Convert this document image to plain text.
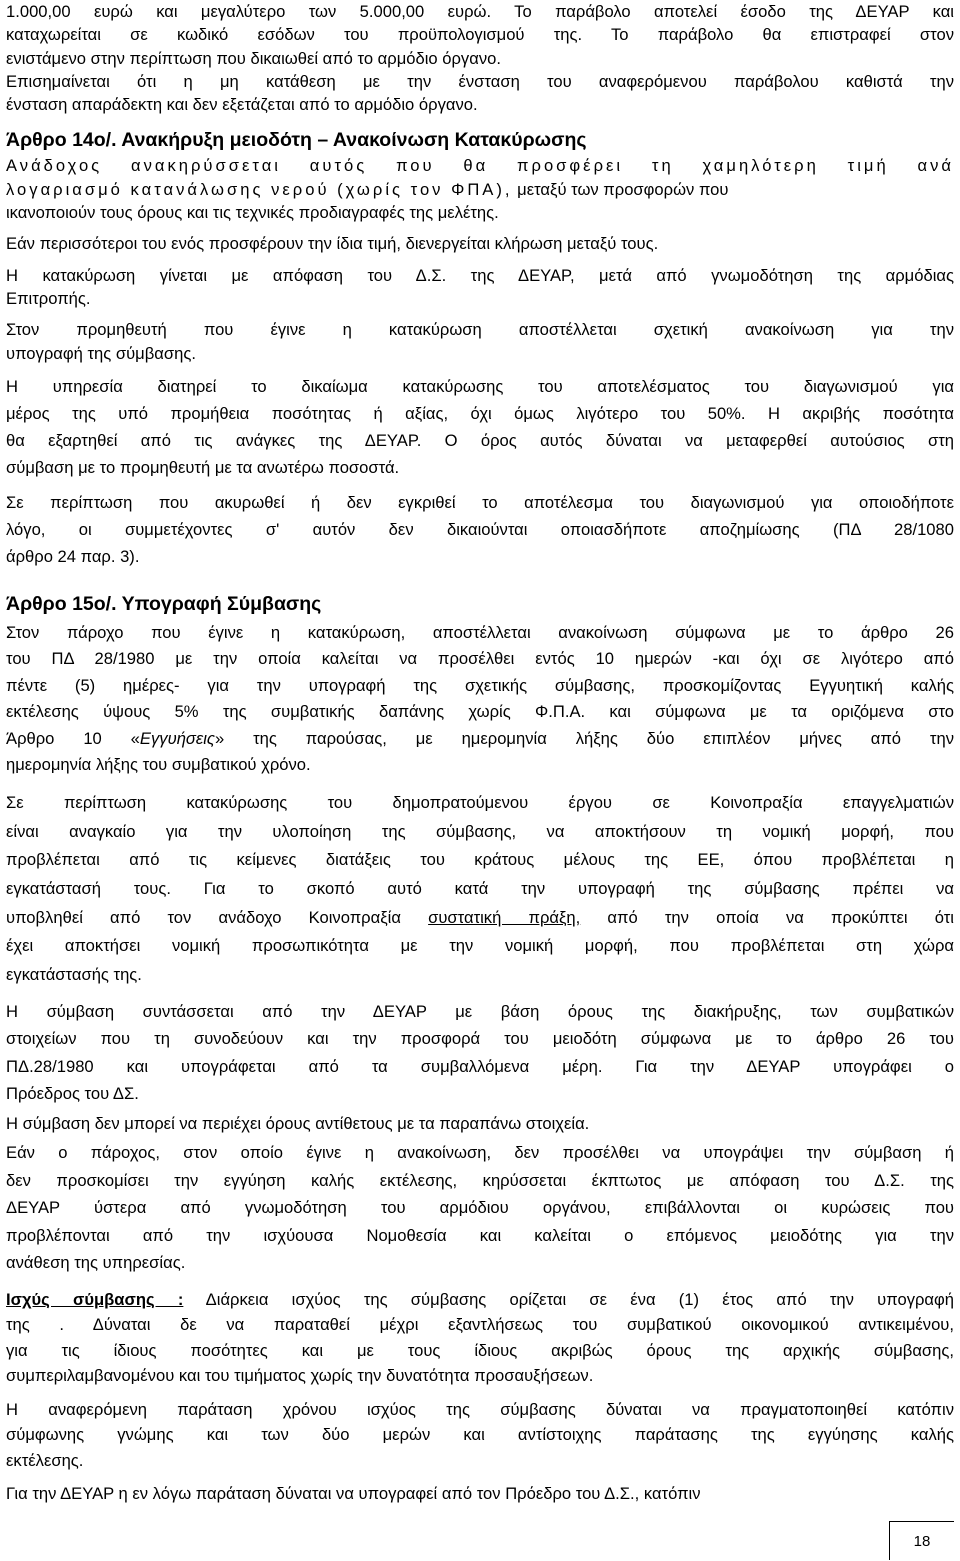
1.000,00 ευρώ και μεγαλύτερο των 5.000,00 ευρώ. Το παράβολο αποτελεί έσοδο της ΔΕΥΑΡ και
καταχωρείται σε κωδικό εσόδων του προϋπολογισμού της. Το παράβολο θα επιστραφεί στον
ενιστάμενο στην περίπτωση που δικαιωθεί από το αρμόδιο όργανο.
Επισημαίνεται ότι η μη κατάθεση με την ένσταση του αναφερόμενου παράβολου καθιστά την
ένσταση απαράδεκτη και δεν εξετάζεται από το αρμόδιο όργανο.
Άρθρο 14ο/. Ανακήρυξη μειοδότη – Ανακοίνωση Κατακύρωσης
Ανάδοχος ανακηρύσσεται αυτός που θα προσφέρει τη χαμηλότερη τιμή ανά
λογαριασμό κατανάλωσης νερού (χωρίς τον ΦΠΑ), μεταξύ των προσφορών που
ικανοποιούν τους όρους και τις τεχνικές προδιαγραφές της μελέτης.
Εάν περισσότεροι του ενός προσφέρουν την ίδια τιμή, διενεργείται κλήρωση μεταξύ τους.
Η κατακύρωση γίνεται με απόφαση του Δ.Σ. της ΔΕΥΑΡ, μετά από γνωμοδότηση της αρμόδιας
Επιτροπής.
Στον προμηθευτή που έγινε η κατακύρωση αποστέλλεται σχετική ανακοίνωση για την
υπογραφή της σύμβασης.
Η υπηρεσία διατηρεί το δικαίωμα κατακύρωσης του αποτελέσματος του διαγωνισμού για
μέρος της υπό προμήθεια ποσότητας ή αξίας, όχι όμως λιγότερο του 50%. Η ακριβής ποσότητα
θα εξαρτηθεί από τις ανάγκες της ΔΕΥΑΡ. Ο όρος αυτός δύναται να μεταφερθεί αυτούσιος στη
σύμβαση με το προμηθευτή με τα ανωτέρω ποσοστά.
Σε περίπτωση που ακυρωθεί ή δεν εγκριθεί το αποτέλεσμα του διαγωνισμού για οποιοδήποτε
λόγο, οι συμμετέχοντες σ' αυτόν δεν δικαιούνται οποιασδήποτε αποζημίωσης (ΠΔ 28/1080
άρθρο 24 παρ. 3).
Άρθρο 15ο/. Υπογραφή Σύμβασης
Στον πάροχο που έγινε η κατακύρωση, αποστέλλεται ανακοίνωση σύμφωνα με το άρθρο 26
του ΠΔ 28/1980 με την οποία καλείται να προσέλθει εντός 10 ημερών -και όχι σε λιγότερο από
πέντε (5) ημέρες- για την υπογραφή της σχετικής σύμβασης, προσκομίζοντας Εγγυητική καλής
εκτέλεσης ύψους 5% της συμβατικής δαπάνης χωρίς Φ.Π.Α. και σύμφωνα με τα οριζόμενα στο
Άρθρο 10 «Εγγυήσεις» της παρούσας, με ημερομηνία λήξης δύο επιπλέον μήνες από την
ημερομηνία λήξης του συμβατικού χρόνο.
Σε περίπτωση κατακύρωσης του δημοπρατούμενου έργου σε Κοινοπραξία επαγγελματιών
είναι αναγκαίο για την υλοποίηση της σύμβασης, να αποκτήσουν τη νομική μορφή, που
προβλέπεται από τις κείμενες διατάξεις του κράτους μέλους της ΕΕ, όπου προβλέπεται η
εγκατάστασή τους. Για το σκοπό αυτό κατά την υπογραφή της σύμβασης πρέπει να
υποβληθεί από τον ανάδοχο Κοινοπραξία συστατική πράξη, από την οποία να προκύπτει ότι
έχει αποκτήσει νομική προσωπικότητα με την νομική μορφή, που προβλέπεται στη χώρα
εγκατάστασής της.
Η σύμβαση συντάσσεται από την ΔΕΥΑΡ με βάση όρους της διακήρυξης, των συμβατικών
στοιχείων που τη συνοδεύουν και την προσφορά του μειοδότη σύμφωνα με το άρθρο 26 του
ΠΔ.28/1980 και υπογράφεται από τα συμβαλλόμενα μέρη. Για την ΔΕΥΑΡ υπογράφει ο
Πρόεδρος του ΔΣ.
Η σύμβαση δεν μπορεί να περιέχει όρους αντίθετους με τα παραπάνω στοιχεία.
Εάν ο πάροχος, στον οποίο έγινε η ανακοίνωση, δεν προσέλθει να υπογράψει την σύμβαση ή
δεν προσκομίσει την εγγύηση καλής εκτέλεσης, κηρύσσεται έκπτωτος με απόφαση του Δ.Σ. της
ΔΕΥΑΡ ύστερα από γνωμοδότηση του αρμόδιου οργάνου, επιβάλλονται οι κυρώσεις που
προβλέπονται από την ισχύουσα Νομοθεσία και καλείται ο επόμενος μειοδότης για την
ανάθεση της υπηρεσίας.
Ισχύς σύμβασης : Διάρκεια ισχύος της σύμβασης ορίζεται σε ένα (1) έτος από την υπογραφή
της . Δύναται δε να παραταθεί μέχρι εξαντλήσεως του συμβατικού οικονομικού αντικειμένου,
για τις ίδιους ποσότητες και με τους ίδιους ακριβώς όρους της αρχικής σύμβασης,
συμπεριλαμβανομένου και του τιμήματος χωρίς την δυνατότητα προσαυξήσεων.
Η αναφερόμενη παράταση χρόνου ισχύος της σύμβασης δύναται να πραγματοποιηθεί κατόπιν
σύμφωνης γνώμης και των δύο μερών και αντίστοιχης παράτασης της εγγύησης καλής
εκτέλεσης.
Για την ΔΕΥΑΡ η εν λόγω παράταση δύναται να υπογραφεί από τον Πρόεδρο του Δ.Σ., κατόπιν
18
